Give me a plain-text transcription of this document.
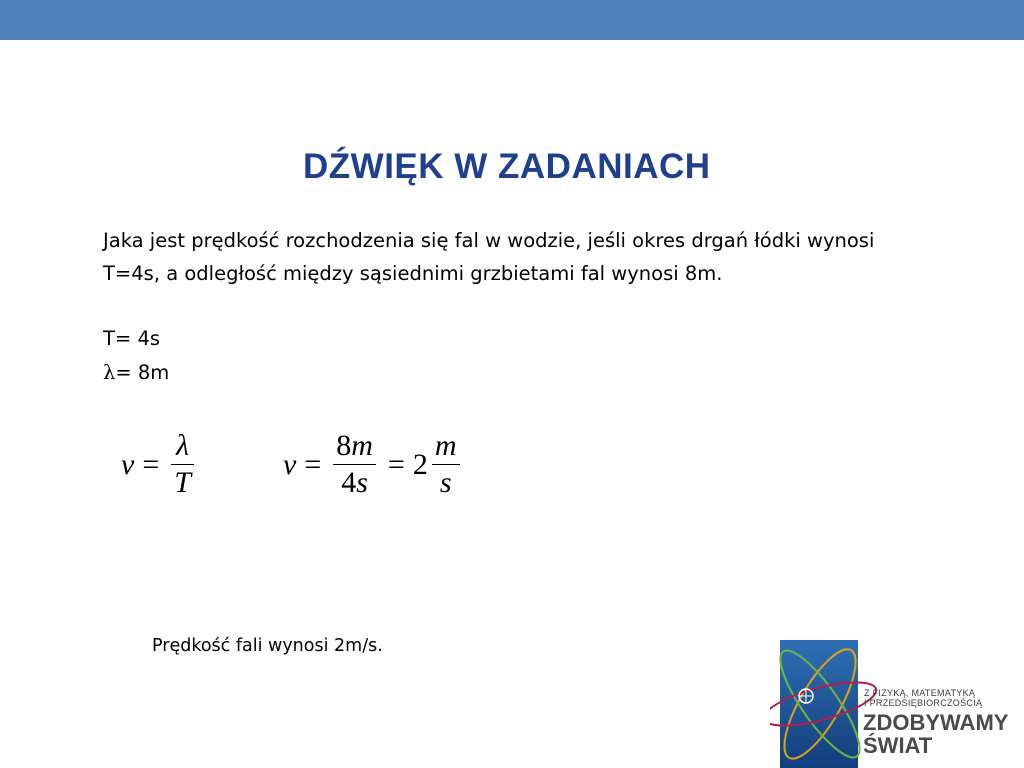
DŹWIĘK W ZADANIACH
Jaka jest prędkość rozchodzenia się fal w wodzie, jeśli okres drgań łódki wynosi T=4s, a odległość między sąsiednimi grzbietami fal wynosi 8m.
T= 4s
λ= 8m
$v = \frac{\lambda}{T}$	$v = \frac{8m}{4s} = 2 \frac{m}{s}$
Prędkość fali wynosi 2m/s.
Z FIZYKĄ, MATEMATYKĄ
I PRZEDSIĘBIORCZOŚCIĄ
ZDOBYWAMY
ŚWIAT
